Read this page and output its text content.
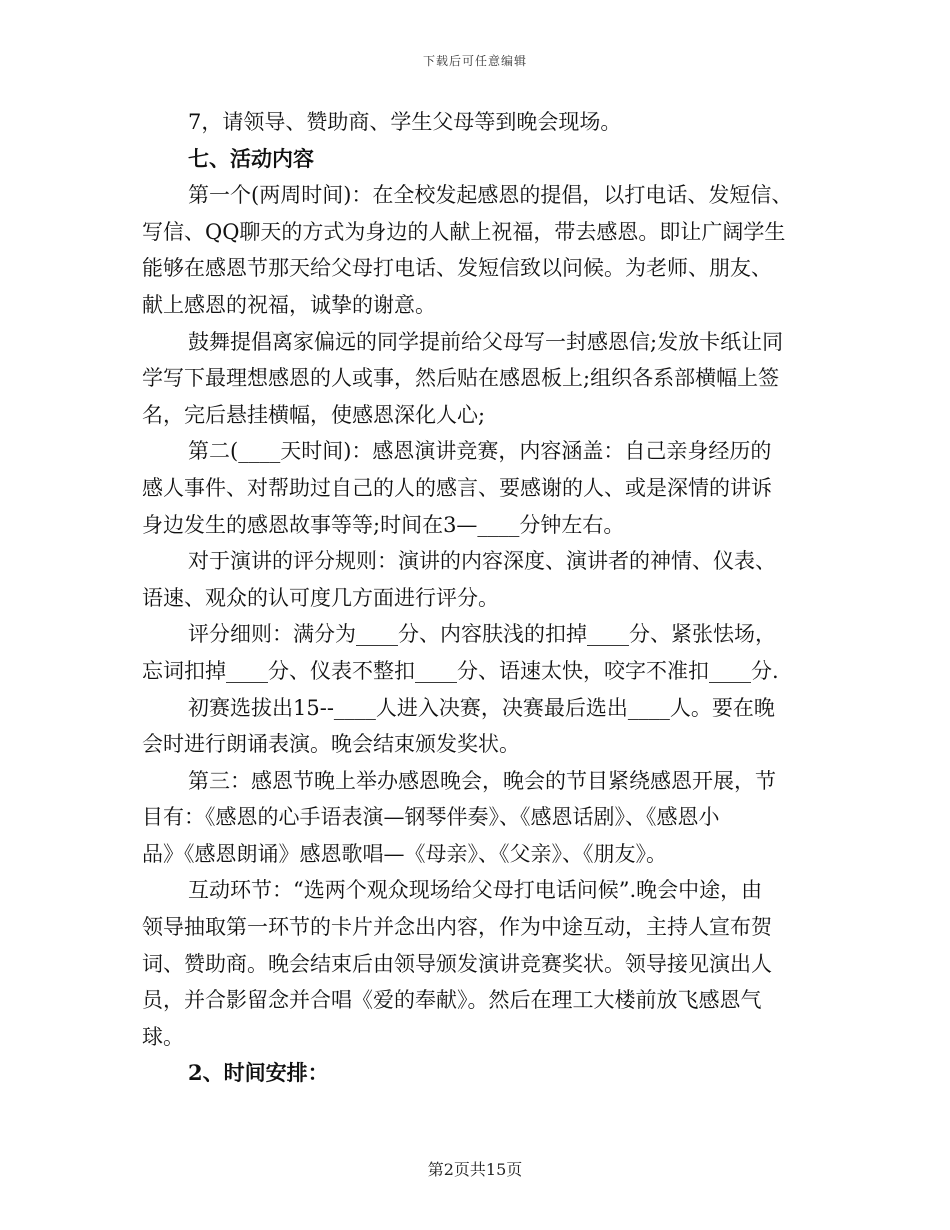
下载后可任意编辑
7，请领导、赞助商、学生父母等到晚会现场。
七、活动内容
第一个(两周时间)：在全校发起感恩的提倡，以打电话、发短信、
写信、QQ聊天的方式为身边的人献上祝福，带去感恩。即让广阔学生
能够在感恩节那天给父母打电话、发短信致以问候。为老师、朋友、
献上感恩的祝福，诚挚的谢意。
鼓舞提倡离家偏远的同学提前给父母写一封感恩信;发放卡纸让同
学写下最理想感恩的人或事，然后贴在感恩板上;组织各系部横幅上签
名，完后悬挂横幅，使感恩深化人心;
第二(____天时间)：感恩演讲竞赛，内容涵盖：自己亲身经历的
感人事件、对帮助过自己的人的感言、要感谢的人、或是深情的讲诉
身边发生的感恩故事等等;时间在3—____分钟左右。
对于演讲的评分规则：演讲的内容深度、演讲者的神情、仪表、
语速、观众的认可度几方面进行评分。
评分细则：满分为____分、内容肤浅的扣掉____分、紧张怯场，
忘词扣掉____分、仪表不整扣____分、语速太快，咬字不准扣____分.
初赛选拔出15--____人进入决赛，决赛最后选出____人。要在晚
会时进行朗诵表演。晚会结束颁发奖状。
第三：感恩节晚上举办感恩晚会，晚会的节目紧绕感恩开展，节
目有：《感恩的心手语表演—钢琴伴奏》、《感恩话剧》、《感恩小
品》《感恩朗诵》感恩歌唱—《母亲》、《父亲》、《朋友》。
互动环节：“选两个观众现场给父母打电话问候”.晚会中途，由
领导抽取第一环节的卡片并念出内容，作为中途互动，主持人宣布贺
词、赞助商。晚会结束后由领导颁发演讲竞赛奖状。领导接见演出人
员，并合影留念并合唱《爱的奉献》。然后在理工大楼前放飞感恩气
球。
2、时间安排：
第2页共15页
